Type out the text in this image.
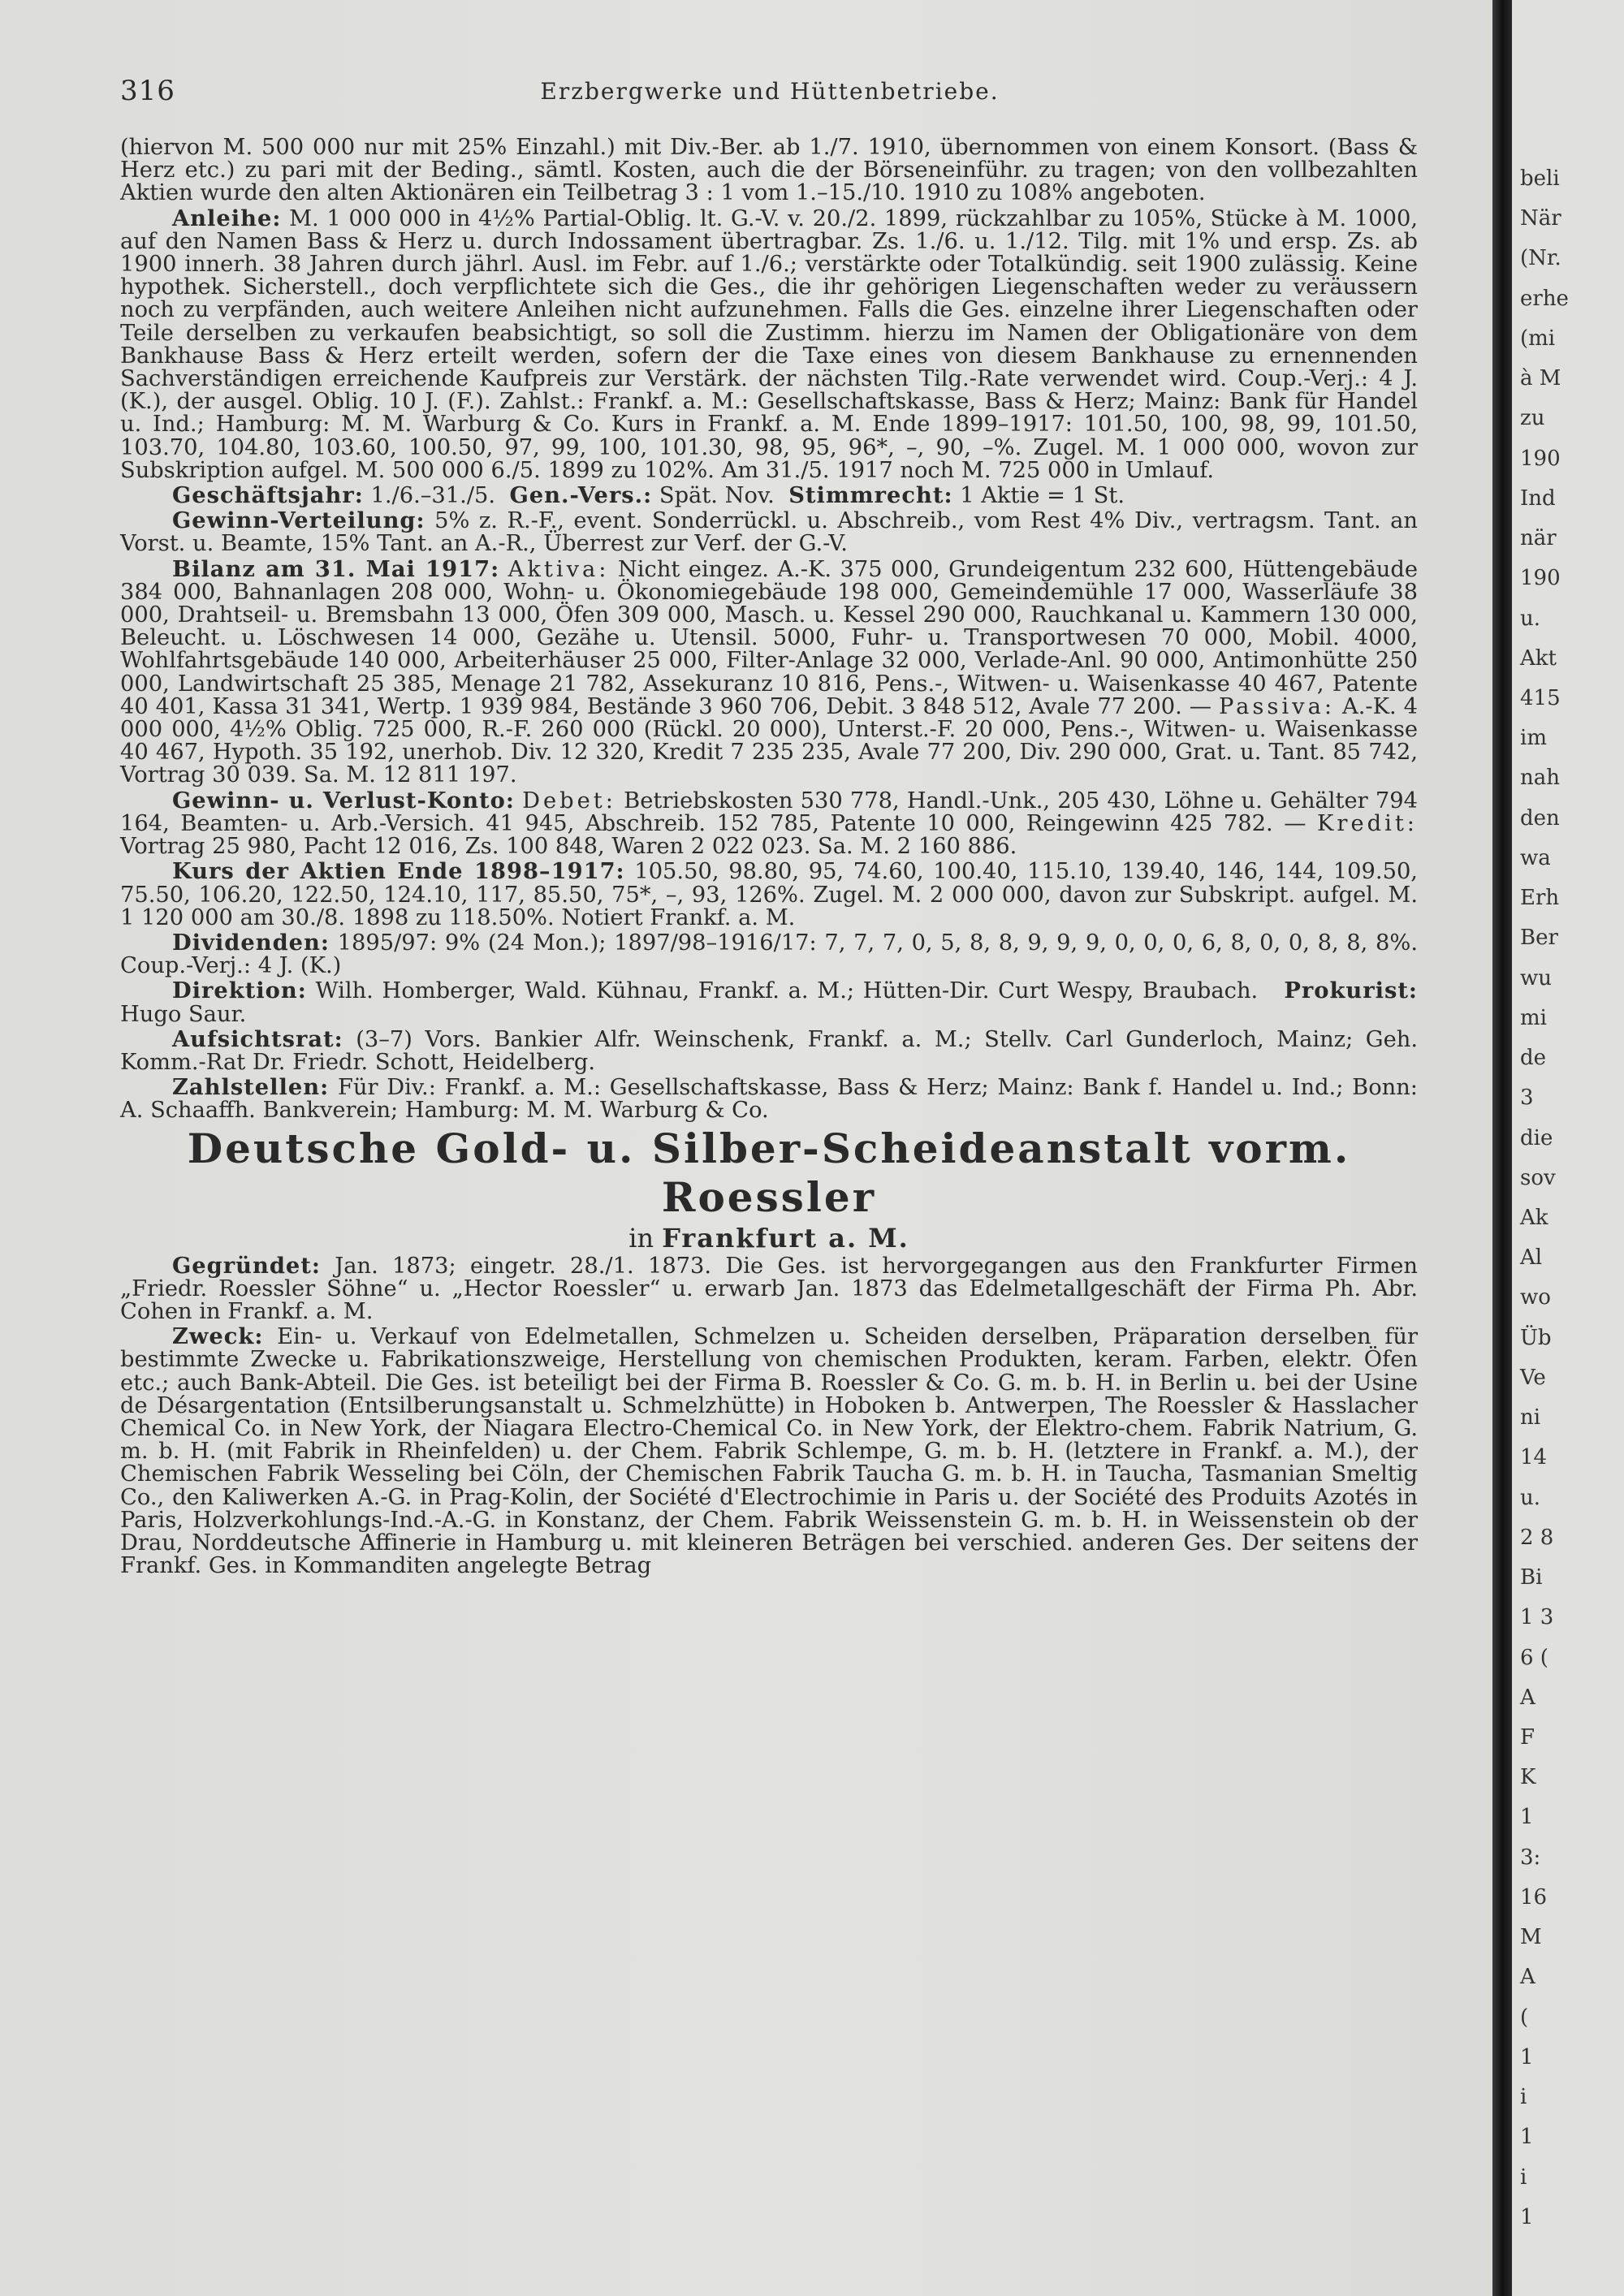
316	Erzbergwerke und Hüttenbetriebe.

(hiervon M. 500 000 nur mit 25% Einzahl.) mit Div.-Ber. ab 1./7. 1910, übernommen von einem Konsort. (Bass & Herz etc.) zu pari mit der Beding., sämtl. Kosten, auch die der Börseneinführ. zu tragen; von den vollbezahlten Aktien wurde den alten Aktionären ein Teilbetrag 3 : 1 vom 1.–15./10. 1910 zu 108% angeboten.

Anleihe: M. 1 000 000 in 4½% Partial-Oblig. lt. G.-V. v. 20./2. 1899, rückzahlbar zu 105%, Stücke à M. 1000, auf den Namen Bass & Herz u. durch Indossament übertragbar. Zs. 1./6. u. 1./12. Tilg. mit 1% und ersp. Zs. ab 1900 innerh. 38 Jahren durch jährl. Ausl. im Febr. auf 1./6.; verstärkte oder Totalkündig. seit 1900 zulässig. Keine hypothek. Sicherstell., doch verpflichtete sich die Ges., die ihr gehörigen Liegenschaften weder zu veräussern noch zu verpfänden, auch weitere Anleihen nicht aufzunehmen. Falls die Ges. einzelne ihrer Liegenschaften oder Teile derselben zu verkaufen beabsichtigt, so soll die Zustimm. hierzu im Namen der Obligationäre von dem Bankhause Bass & Herz erteilt werden, sofern der die Taxe eines von diesem Bankhause zu ernennenden Sachverständigen erreichende Kaufpreis zur Verstärk. der nächsten Tilg.-Rate verwendet wird. Coup.-Verj.: 4 J. (K.), der ausgel. Oblig. 10 J. (F.). Zahlst.: Frankf. a. M.: Gesellschaftskasse, Bass & Herz; Mainz: Bank für Handel u. Ind.; Hamburg: M. M. Warburg & Co. Kurs in Frankf. a. M. Ende 1899–1917: 101.50, 100, 98, 99, 101.50, 103.70, 104.80, 103.60, 100.50, 97, 99, 100, 101.30, 98, 95, 96*, –, 90, –%. Zugel. M. 1 000 000, wovon zur Subskription aufgel. M. 500 000 6./5. 1899 zu 102%. Am 31./5. 1917 noch M. 725 000 in Umlauf.

Geschäftsjahr: 1./6.–31./5. Gen.-Vers.: Spät. Nov. Stimmrecht: 1 Aktie = 1 St.

Gewinn-Verteilung: 5% z. R.-F., event. Sonderrückl. u. Abschreib., vom Rest 4% Div., vertragsm. Tant. an Vorst. u. Beamte, 15% Tant. an A.-R., Überrest zur Verf. der G.-V.

Bilanz am 31. Mai 1917: Aktiva: Nicht eingez. A.-K. 375 000, Grundeigentum 232 600, Hüttengebäude 384 000, Bahnanlagen 208 000, Wohn- u. Ökonomiegebäude 198 000, Gemeindemühle 17 000, Wasserläufe 38 000, Drahtseil- u. Bremsbahn 13 000, Öfen 309 000, Masch. u. Kessel 290 000, Rauchkanal u. Kammern 130 000, Beleucht. u. Löschwesen 14 000, Gezähe u. Utensil. 5000, Fuhr- u. Transportwesen 70 000, Mobil. 4000, Wohlfahrtsgebäude 140 000, Arbeiterhäuser 25 000, Filter-Anlage 32 000, Verlade-Anl. 90 000, Antimonhütte 250 000, Landwirtschaft 25 385, Menage 21 782, Assekuranz 10 816, Pens.-, Witwen- u. Waisenkasse 40 467, Patente 40 401, Kassa 31 341, Wertp. 1 939 984, Bestände 3 960 706, Debit. 3 848 512, Avale 77 200. — Passiva: A.-K. 4 000 000, 4½% Oblig. 725 000, R.-F. 260 000 (Rückl. 20 000), Unterst.-F. 20 000, Pens.-, Witwen- u. Waisenkasse 40 467, Hypoth. 35 192, unerhob. Div. 12 320, Kredit 7 235 235, Avale 77 200, Div. 290 000, Grat. u. Tant. 85 742, Vortrag 30 039. Sa. M. 12 811 197.

Gewinn- u. Verlust-Konto: Debet: Betriebskosten 530 778, Handl.-Unk., 205 430, Löhne u. Gehälter 794 164, Beamten- u. Arb.-Versich. 41 945, Abschreib. 152 785, Patente 10 000, Reingewinn 425 782. — Kredit: Vortrag 25 980, Pacht 12 016, Zs. 100 848, Waren 2 022 023. Sa. M. 2 160 886.

Kurs der Aktien Ende 1898–1917: 105.50, 98.80, 95, 74.60, 100.40, 115.10, 139.40, 146, 144, 109.50, 75.50, 106.20, 122.50, 124.10, 117, 85.50, 75*, –, 93, 126%. Zugel. M. 2 000 000, davon zur Subskript. aufgel. M. 1 120 000 am 30./8. 1898 zu 118.50%. Notiert Frankf. a. M.

Dividenden: 1895/97: 9% (24 Mon.); 1897/98–1916/17: 7, 7, 7, 0, 5, 8, 8, 9, 9, 9, 0, 0, 0, 6, 8, 0, 0, 8, 8, 8%. Coup.-Verj.: 4 J. (K.)

Direktion: Wilh. Homberger, Wald. Kühnau, Frankf. a. M.; Hütten-Dir. Curt Wespy, Braubach. Prokurist: Hugo Saur.

Aufsichtsrat: (3–7) Vors. Bankier Alfr. Weinschenk, Frankf. a. M.; Stellv. Carl Gunderloch, Mainz; Geh. Komm.-Rat Dr. Friedr. Schott, Heidelberg.

Zahlstellen: Für Div.: Frankf. a. M.: Gesellschaftskasse, Bass & Herz; Mainz: Bank f. Handel u. Ind.; Bonn: A. Schaaffh. Bankverein; Hamburg: M. M. Warburg & Co.

Deutsche Gold- u. Silber-Scheideanstalt vorm. Roessler

in Frankfurt a. M.

Gegründet: Jan. 1873; eingetr. 28./1. 1873. Die Ges. ist hervorgegangen aus den Frankfurter Firmen „Friedr. Roessler Söhne“ u. „Hector Roessler“ u. erwarb Jan. 1873 das Edelmetallgeschäft der Firma Ph. Abr. Cohen in Frankf. a. M.

Zweck: Ein- u. Verkauf von Edelmetallen, Schmelzen u. Scheiden derselben, Präparation derselben für bestimmte Zwecke u. Fabrikationszweige, Herstellung von chemischen Produkten, keram. Farben, elektr. Öfen etc.; auch Bank-Abteil. Die Ges. ist beteiligt bei der Firma B. Roessler & Co. G. m. b. H. in Berlin u. bei der Usine de Désargentation (Entsilberungsanstalt u. Schmelzhütte) in Hoboken b. Antwerpen, The Roessler & Hasslacher Chemical Co. in New York, der Niagara Electro-Chemical Co. in New York, der Elektro-chem. Fabrik Natrium, G. m. b. H. (mit Fabrik in Rheinfelden) u. der Chem. Fabrik Schlempe, G. m. b. H. (letztere in Frankf. a. M.), der Chemischen Fabrik Wesseling bei Cöln, der Chemischen Fabrik Taucha G. m. b. H. in Taucha, Tasmanian Smeltig Co., den Kaliwerken A.-G. in Prag-Kolin, der Société d'Electrochimie in Paris u. der Société des Produits Azotés in Paris, Holzverkohlungs-Ind.-A.-G. in Konstanz, der Chem. Fabrik Weissenstein G. m. b. H. in Weissenstein ob der Drau, Norddeutsche Affinerie in Hamburg u. mit kleineren Beträgen bei verschied. anderen Ges. Der seitens der Frankf. Ges. in Kommanditen angelegte Betrag

beli
När
(Nr.
erhe
(mi
à M
zu
190
Ind
när
190
u.
Akt
415
im
nah
den
wa
Erh
Ber
wu
mi
de
3
die
sov
Ak
Al
wo
Üb
Ve
ni
14
u.
2 8
Bi
1 3
6 (
A
F
K
1
3:
16
M
A
(
1
i
1
i
1
